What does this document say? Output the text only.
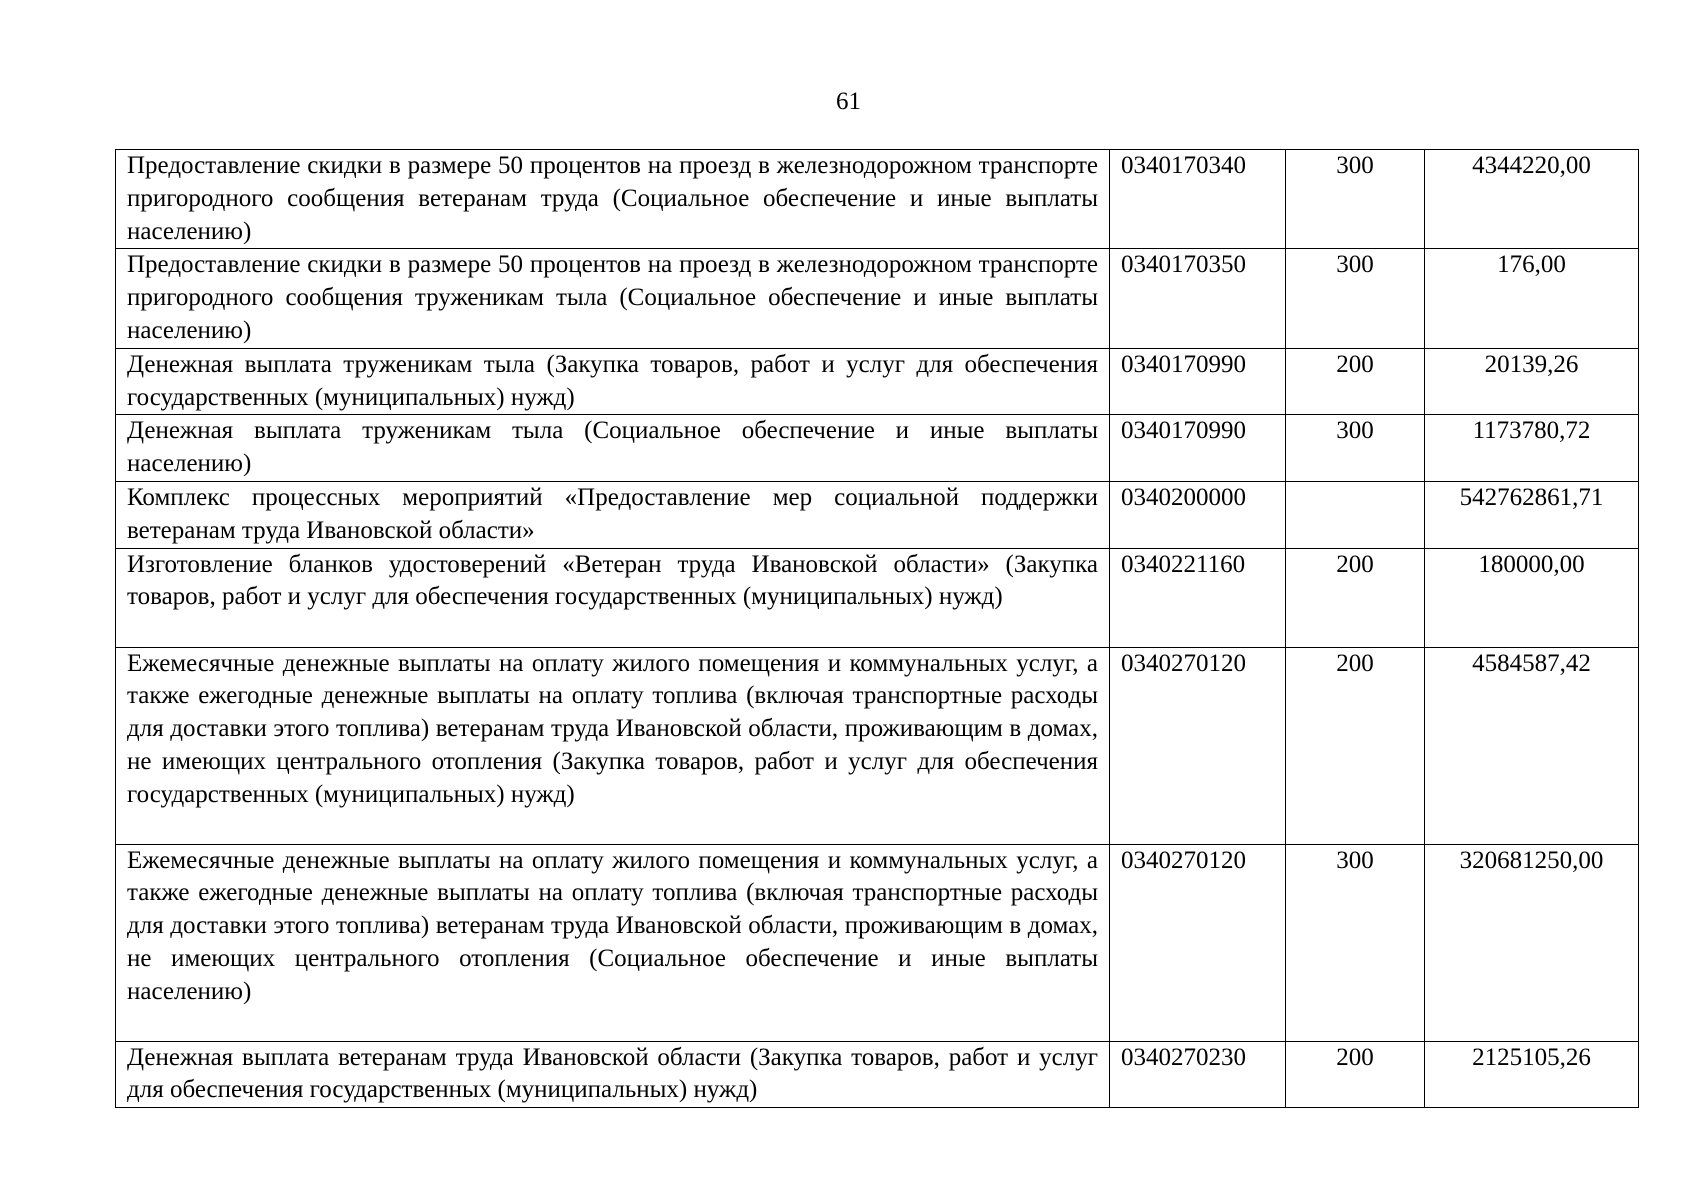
61
Предоставление скидки в размере 50 процентов на проезд в железнодорожном транспорте пригородного сообщения ветеранам труда (Социальное обеспечение и иные выплаты населению)	0340170340	300	4344220,00
Предоставление скидки в размере 50 процентов на проезд в железнодорожном транспорте пригородного сообщения труженикам тыла (Социальное обеспечение и иные выплаты населению)	0340170350	300	176,00
Денежная выплата труженикам тыла (Закупка товаров, работ и услуг для обеспечения государственных (муниципальных) нужд)	0340170990	200	20139,26
Денежная выплата труженикам тыла (Социальное обеспечение и иные выплаты населению)	0340170990	300	1173780,72
Комплекс процессных мероприятий «Предоставление мер социальной поддержки ветеранам труда Ивановской области»	0340200000		542762861,71
Изготовление бланков удостоверений «Ветеран труда Ивановской области» (Закупка товаров, работ и услуг для обеспечения государственных (муниципальных) нужд)	0340221160	200	180000,00
Ежемесячные денежные выплаты на оплату жилого помещения и коммунальных услуг, а также ежегодные денежные выплаты на оплату топлива (включая транспортные расходы для доставки этого топлива) ветеранам труда Ивановской области, проживающим в домах, не имеющих центрального отопления (Закупка товаров, работ и услуг для обеспечения государственных (муниципальных) нужд)	0340270120	200	4584587,42
Ежемесячные денежные выплаты на оплату жилого помещения и коммунальных услуг, а также ежегодные денежные выплаты на оплату топлива (включая транспортные расходы для доставки этого топлива) ветеранам труда Ивановской области, проживающим в домах, не имеющих центрального отопления (Социальное обеспечение и иные выплаты населению)	0340270120	300	320681250,00
Денежная выплата ветеранам труда Ивановской области (Закупка товаров, работ и услуг для обеспечения государственных (муниципальных) нужд)	0340270230	200	2125105,26
